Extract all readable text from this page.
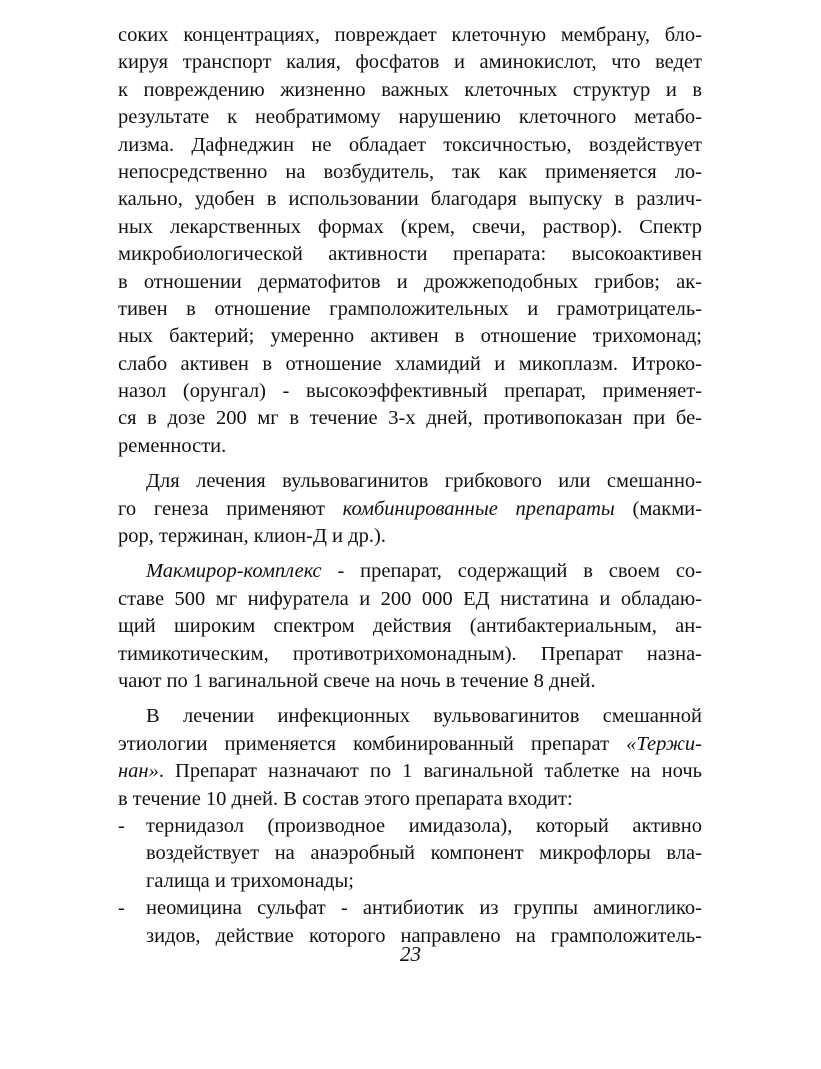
соких концентрациях, повреждает клеточную мембрану, бло-
кируя транспорт калия, фосфатов и аминокислот, что ведет
к повреждению жизненно важных клеточных структур и в
результате к необратимому нарушению клеточного метабо-
лизма. Дафнеджин не обладает токсичностью, воздействует
непосредственно на возбудитель, так как применяется ло-
кально, удобен в использовании благодаря выпуску в различ-
ных лекарственных формах (крем, свечи, раствор). Спектр
микробиологической активности препарата: высокоактивен
в отношении дерматофитов и дрожжеподобных грибов; ак-
тивен в отношение грамположительных и грамотрицатель-
ных бактерий; умеренно активен в отношение трихомонад;
слабо активен в отношение хламидий и микоплазм. Итроко-
назол (орунгал) - высокоэффективный препарат, применяет-
ся в дозе 200 мг в течение 3-х дней, противопоказан при бе-
ременности.
Для лечения вульвовагинитов грибкового или смешанно-
го генеза применяют комбинированные препараты (макми-
рор, тержинан, клион-Д и др.).
Макмирор-комплекс - препарат, содержащий в своем со-
ставе 500 мг нифуратела и 200 000 ЕД нистатина и обладаю-
щий широким спектром действия (антибактериальным, ан-
тимикотическим, противотрихомонадным). Препарат назна-
чают по 1 вагинальной свече на ночь в течение 8 дней.
В лечении инфекционных вульвовагинитов смешанной
этиологии применяется комбинированный препарат «Тержи-
нан». Препарат назначают по 1 вагинальной таблетке на ночь
в течение 10 дней. В состав этого препарата входит:
- тернидазол (производное имидазола), который активно
воздействует на анаэробный компонент микрофлоры вла-
галища и трихомонады;
- неомицина сульфат - антибиотик из группы аминоглико-
зидов, действие которого направлено на грамположитель-
23
